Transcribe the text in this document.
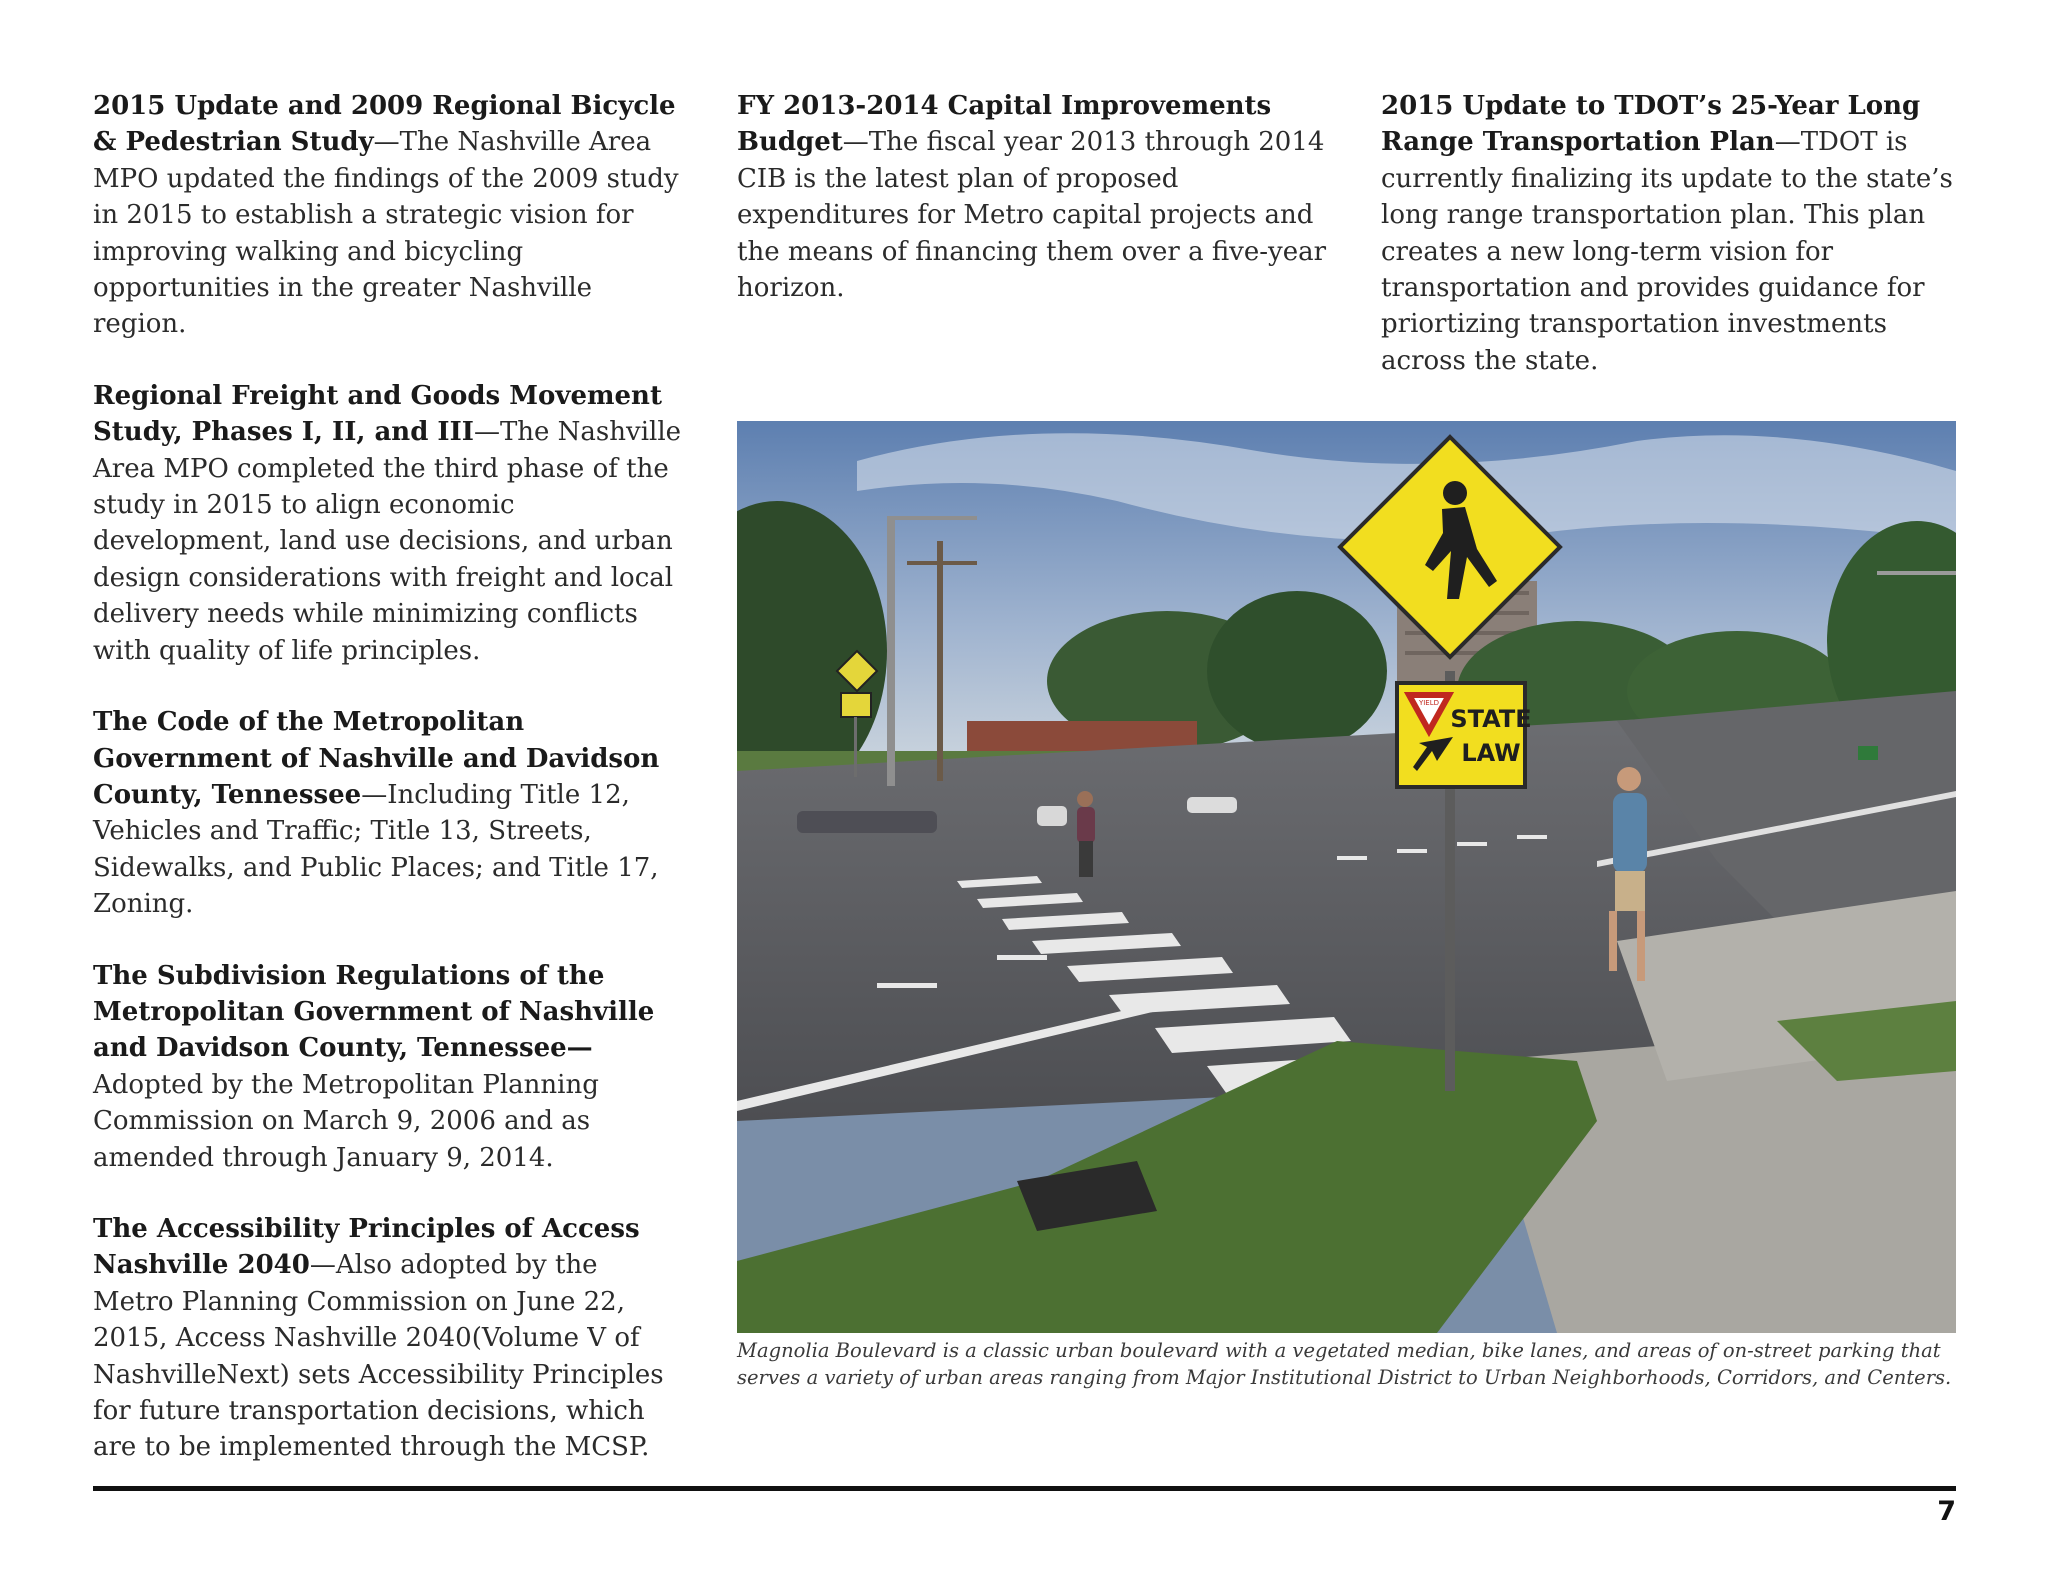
2015 Update and 2009 Regional Bicycle & Pedestrian Study—The Nashville Area MPO updated the findings of the 2009 study in 2015 to establish a strategic vision for improving walking and bicycling opportunities in the greater Nashville region.

Regional Freight and Goods Movement Study, Phases I, II, and III—The Nashville Area MPO completed the third phase of the study in 2015 to align economic development, land use decisions, and urban design considerations with freight and local delivery needs while minimizing conflicts with quality of life principles.

The Code of the Metropolitan Government of Nashville and Davidson County, Tennessee—Including Title 12, Vehicles and Traffic; Title 13, Streets, Sidewalks, and Public Places; and Title 17, Zoning.

The Subdivision Regulations of the Metropolitan Government of Nashville and Davidson County, Tennessee—Adopted by the Metropolitan Planning Commission on March 9, 2006 and as amended through January 9, 2014.

The Accessibility Principles of Access Nashville 2040—Also adopted by the Metro Planning Commission on June 22, 2015, Access Nashville 2040(Volume V of NashvilleNext) sets Accessibility Principles for future transportation decisions, which are to be implemented through the MCSP.

FY 2013-2014 Capital Improvements Budget—The fiscal year 2013 through 2014 CIB is the latest plan of proposed expenditures for Metro capital projects and the means of financing them over a five-year horizon.

2015 Update to TDOT’s 25-Year Long Range Transportation Plan—TDOT is currently finalizing its update to the state’s long range transportation plan. This plan creates a new long-term vision for transportation and provides guidance for priortizing transportation investments across the state.

YIELD
STATE
LAW
Magnolia Boulevard is a classic urban boulevard with a vegetated median, bike lanes, and areas of on-street parking that serves a variety of urban areas ranging from Major Institutional District to Urban Neighborhoods, Corridors, and Centers.
7
